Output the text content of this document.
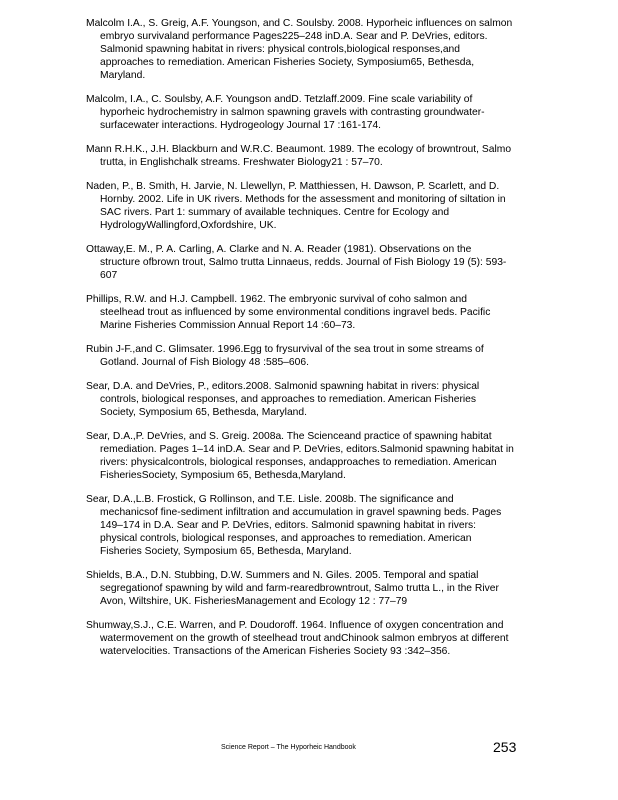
Malcolm I.A., S. Greig, A.F. Youngson, and C. Soulsby. 2008. Hyporheic influences on salmon embryo survivaland performance Pages225–248 inD.A. Sear and P. DeVries, editors. Salmonid spawning habitat in rivers: physical controls,biological responses,and approaches to remediation. American Fisheries Society, Symposium65, Bethesda, Maryland.

Malcolm, I.A., C. Soulsby, A.F. Youngson andD. Tetzlaff.2009. Fine scale variability of hyporheic hydrochemistry in salmon spawning gravels with contrasting groundwater-surfacewater interactions. Hydrogeology Journal 17 :161-174.

Mann R.H.K., J.H. Blackburn and W.R.C. Beaumont. 1989. The ecology of browntrout, Salmo trutta, in Englishchalk streams. Freshwater Biology21 : 57–70.

Naden, P., B. Smith, H. Jarvie, N. Llewellyn, P. Matthiessen, H. Dawson, P. Scarlett, and D. Hornby. 2002. Life in UK rivers. Methods for the assessment and monitoring of siltation in SAC rivers. Part 1: summary of available techniques. Centre for Ecology and HydrologyWallingford,Oxfordshire, UK.

Ottaway,E. M., P. A. Carling, A. Clarke and N. A. Reader (1981). Observations on the structure ofbrown trout, Salmo trutta Linnaeus, redds. Journal of Fish Biology 19 (5): 593-607

Phillips, R.W. and H.J. Campbell. 1962. The embryonic survival of coho salmon and steelhead trout as influenced by some environmental conditions ingravel beds. Pacific Marine Fisheries Commission Annual Report 14 :60–73.

Rubin J-F.,and C. Glimsater. 1996.Egg to frysurvival of the sea trout in some streams of Gotland. Journal of Fish Biology 48 :585–606.

Sear, D.A. and DeVries, P., editors.2008. Salmonid spawning habitat in rivers: physical controls, biological responses, and approaches to remediation. American Fisheries Society, Symposium 65, Bethesda, Maryland.

Sear, D.A.,P. DeVries, and S. Greig. 2008a. The Scienceand practice of spawning habitat remediation. Pages 1–14 inD.A. Sear and P. DeVries, editors.Salmonid spawning habitat in rivers: physicalcontrols, biological responses, andapproaches to remediation. American FisheriesSociety, Symposium 65, Bethesda,Maryland.

Sear, D.A.,L.B. Frostick, G Rollinson, and T.E. Lisle. 2008b. The significance and mechanicsof fine-sediment infiltration and accumulation in gravel spawning beds. Pages 149–174 in D.A. Sear and P. DeVries, editors. Salmonid spawning habitat in rivers: physical controls, biological responses, and approaches to remediation. American Fisheries Society, Symposium 65, Bethesda, Maryland.

Shields, B.A., D.N. Stubbing, D.W. Summers and N. Giles. 2005. Temporal and spatial segregationof spawning by wild and farm-rearedbrowntrout, Salmo trutta L., in the River Avon, Wiltshire, UK. FisheriesManagement and Ecology 12 : 77–79

Shumway,S.J., C.E. Warren, and P. Doudoroff. 1964. Influence of oxygen concentration and watermovement on the growth of steelhead trout andChinook salmon embryos at different watervelocities. Transactions of the American Fisheries Society 93 :342–356.

Science Report – The Hyporheic Handbook	253
